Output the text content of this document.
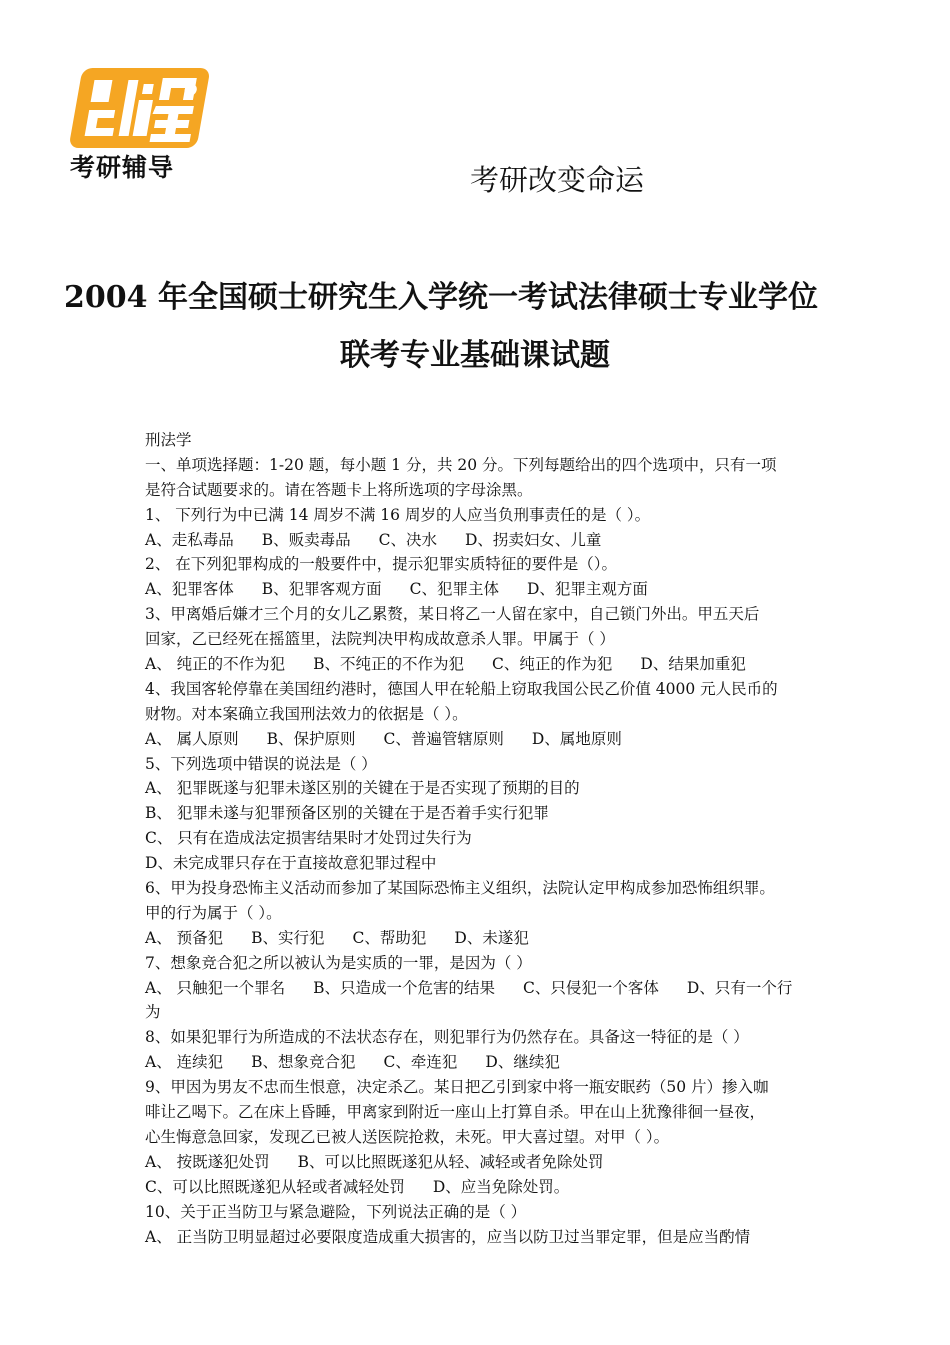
考研辅导	考研改变命运
2004 年全国硕士研究生入学统一考试法律硕士专业学位
联考专业基础课试题
刑法学
一、单项选择题：1-20 题，每小题 1 分，共 20 分。下列每题给出的四个选项中，只有一项
是符合试题要求的。请在答题卡上将所选项的字母涂黑。
1、 下列行为中已满 14 周岁不满 16 周岁的人应当负刑事责任的是（ ）。
A、走私毒品 B、贩卖毒品 C、决水 D、拐卖妇女、儿童
2、 在下列犯罪构成的一般要件中，提示犯罪实质特征的要件是（）。
A、犯罪客体 B、犯罪客观方面 C、犯罪主体 D、犯罪主观方面
3、甲离婚后嫌才三个月的女儿乙累赘，某日将乙一人留在家中，自己锁门外出。甲五天后
回家，乙已经死在摇篮里，法院判决甲构成故意杀人罪。甲属于（ ）
A、 纯正的不作为犯 B、不纯正的不作为犯 C、纯正的作为犯 D、结果加重犯
4、我国客轮停靠在美国纽约港时，德国人甲在轮船上窃取我国公民乙价值 4000 元人民币的
财物。对本案确立我国刑法效力的依据是（ ）。
A、 属人原则 B、保护原则 C、普遍管辖原则 D、属地原则
5、下列选项中错误的说法是（ ）
A、 犯罪既遂与犯罪未遂区别的关键在于是否实现了预期的目的
B、 犯罪未遂与犯罪预备区别的关键在于是否着手实行犯罪
C、 只有在造成法定损害结果时才处罚过失行为
D、未完成罪只存在于直接故意犯罪过程中
6、甲为投身恐怖主义活动而参加了某国际恐怖主义组织，法院认定甲构成参加恐怖组织罪。
甲的行为属于（ ）。
A、 预备犯 B、实行犯 C、帮助犯 D、未遂犯
7、想象竞合犯之所以被认为是实质的一罪，是因为（ ）
A、 只触犯一个罪名 B、只造成一个危害的结果 C、只侵犯一个客体 D、只有一个行
为
8、如果犯罪行为所造成的不法状态存在，则犯罪行为仍然存在。具备这一特征的是（ ）
A、 连续犯 B、想象竞合犯 C、牵连犯 D、继续犯
9、甲因为男友不忠而生恨意，决定杀乙。某日把乙引到家中将一瓶安眠药（50 片）掺入咖
啡让乙喝下。乙在床上昏睡，甲离家到附近一座山上打算自杀。甲在山上犹豫徘徊一昼夜，
心生悔意急回家，发现乙已被人送医院抢救，未死。甲大喜过望。对甲（ ）。
A、 按既遂犯处罚 B、可以比照既遂犯从轻、减轻或者免除处罚
C、可以比照既遂犯从轻或者减轻处罚 D、应当免除处罚。
10、关于正当防卫与紧急避险，下列说法正确的是（ ）
A、 正当防卫明显超过必要限度造成重大损害的，应当以防卫过当罪定罪，但是应当酌情
